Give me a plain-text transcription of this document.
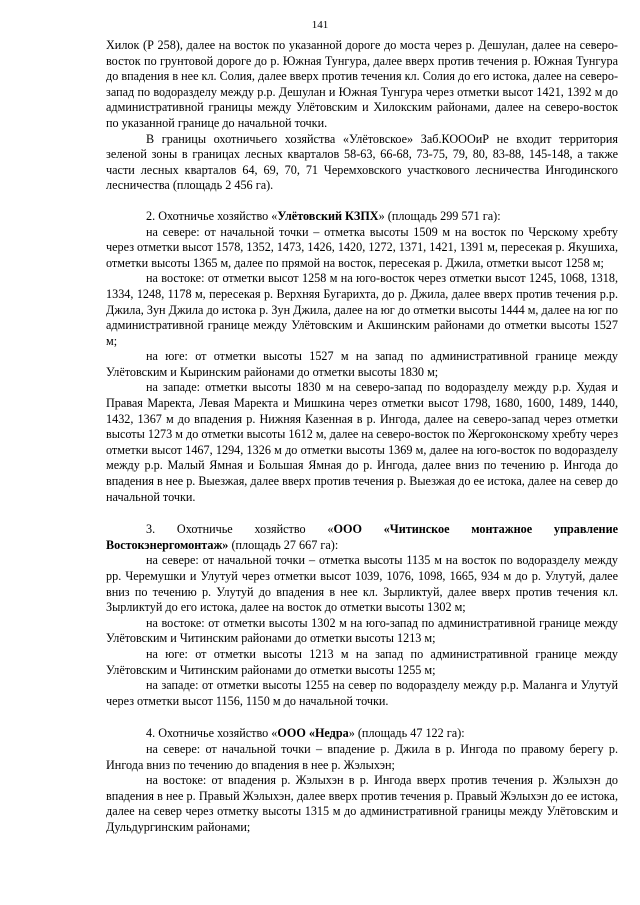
141

Хилок (Р 258), далее на восток по указанной дороге до моста через р. Дешулан, далее на северо-восток по грунтовой дороге до р. Южная Тунгура, далее вверх против течения р. Южная Тунгура до впадения в нее кл. Солия, далее вверх против течения кл. Солия до его истока, далее на северо-запад по водоразделу между р.р. Дешулан и Южная Тунгура через отметки высот 1421, 1392 м до административной границы между Улётовским и Хилокским районами, далее на северо-восток по указанной границе до начальной точки.

В границы охотничьего хозяйства «Улётовское» Заб.КОООиР не входит территория зеленой зоны в границах лесных кварталов 58-63, 66-68, 73-75, 79, 80, 83-88, 145-148, а также части лесных кварталов 64, 69, 70, 71 Черемховского участкового лесничества Ингодинского лесничества (площадь 2 456 га).

2. Охотничье хозяйство «Улётовский КЗПХ» (площадь 299 571 га):

на севере: от начальной точки – отметка высоты 1509 м на восток по Черскому хребту через отметки высот 1578, 1352, 1473, 1426, 1420, 1272, 1371, 1421, 1391 м, пересекая р. Якушиха, отметки высоты 1365 м, далее по прямой на восток, пересекая р. Джила, отметки высот 1258 м;

на востоке: от отметки высот 1258 м на юго-восток через отметки высот 1245, 1068, 1318, 1334, 1248, 1178 м, пересекая р. Верхняя Бугарихта, до р. Джила, далее вверх против течения р.р. Джила, Зун Джила до истока р. Зун Джила, далее на юг до отметки высоты 1444 м, далее на юг по административной границе между Улётовским и Акшинским районами до отметки высоты 1527 м;

на юге: от отметки высоты 1527 м на запад по административной границе между Улётовским и Кыринским районами до отметки высоты 1830 м;

на западе: отметки высоты 1830 м на северо-запад по водоразделу между р.р. Худая и Правая Маректа, Левая Маректа и Мишкина через отметки высот 1798, 1680, 1600, 1489, 1440, 1432, 1367 м до впадения р. Нижняя Казенная в р. Ингода, далее на северо-запад через отметки высоты 1273 м до отметки высоты 1612 м, далее на северо-восток по Жергоконскому хребту через отметки высот 1467, 1294, 1326 м до отметки высоты 1369 м, далее на юго-восток по водоразделу между р.р. Малый Ямная и Большая Ямная до р. Ингода, далее вниз по течению р. Ингода до впадения в нее р. Выезжая, далее вверх против течения р. Выезжая до ее истока, далее на север до начальной точки.

3. Охотничье хозяйство «ООО «Читинское монтажное управление Востокэнергомонтаж» (площадь 27 667 га):

на севере: от начальной точки – отметка высоты 1135 м на восток по водоразделу между рр. Черемушки и Улутуй через отметки высот 1039, 1076, 1098, 1665, 934 м до р. Улутуй, далее вниз по течению р. Улутуй до впадения в нее кл. Зырликтуй, далее вверх против течения кл. Зырликтуй до его истока, далее на восток до отметки высоты 1302 м;

на востоке: от отметки высоты 1302 м на юго-запад по административной границе между Улётовским и Читинским районами до отметки высоты 1213 м;

на юге: от отметки высоты 1213 м на запад по административной границе между Улётовским и Читинским районами до отметки высоты 1255 м;

на западе: от отметки высоты 1255 на север по водоразделу между р.р. Маланга и Улутуй через отметки высот 1156, 1150 м до начальной точки.

4. Охотничье хозяйство «ООО «Недра» (площадь 47 122 га):

на севере: от начальной точки – впадение р. Джила в р. Ингода по правому берегу р. Ингода вниз по течению до впадения в нее р. Жэлыхэн;

на востоке: от впадения р. Жэлыхэн в р. Ингода вверх против течения р. Жэлыхэн до впадения в нее р. Правый Жэлыхэн, далее вверх против течения р. Правый Жэлыхэн до ее истока, далее на север через отметку высоты 1315 м до административной границы между Улётовским и Дульдургинским районами;
